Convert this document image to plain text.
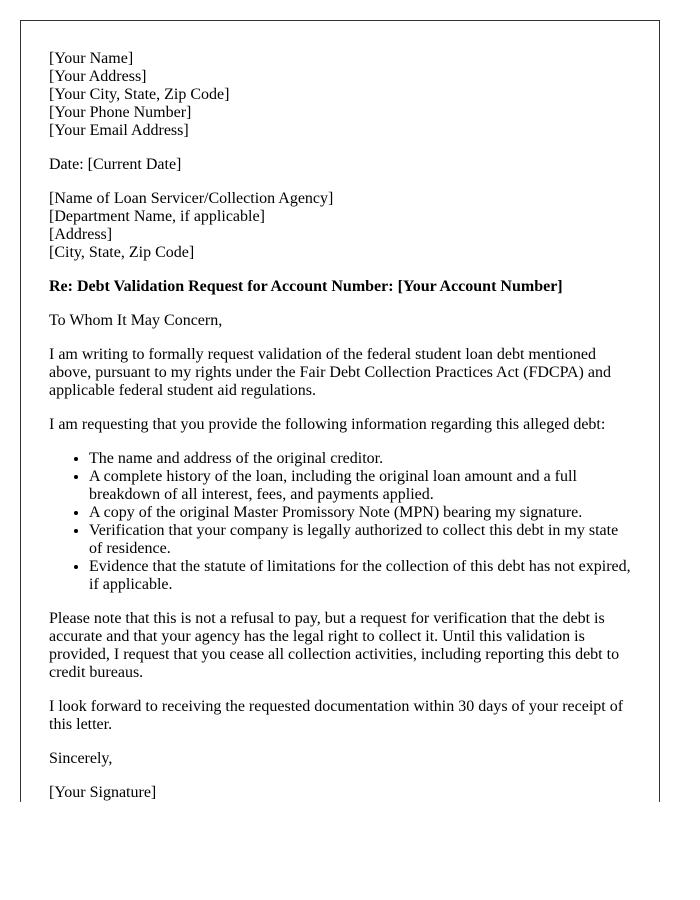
[Your Name]
[Your Address]
[Your City, State, Zip Code]
[Your Phone Number]
[Your Email Address]

Date: [Current Date]

[Name of Loan Servicer/Collection Agency]
[Department Name, if applicable]
[Address]
[City, State, Zip Code]

Re: Debt Validation Request for Account Number: [Your Account Number]

To Whom It May Concern,

I am writing to formally request validation of the federal student loan debt mentioned above, pursuant to my rights under the Fair Debt Collection Practices Act (FDCPA) and applicable federal student aid regulations.

I am requesting that you provide the following information regarding this alleged debt:

• The name and address of the original creditor.
• A complete history of the loan, including the original loan amount and a full breakdown of all interest, fees, and payments applied.
• A copy of the original Master Promissory Note (MPN) bearing my signature.
• Verification that your company is legally authorized to collect this debt in my state of residence.
• Evidence that the statute of limitations for the collection of this debt has not expired, if applicable.

Please note that this is not a refusal to pay, but a request for verification that the debt is accurate and that your agency has the legal right to collect it. Until this validation is provided, I request that you cease all collection activities, including reporting this debt to credit bureaus.

I look forward to receiving the requested documentation within 30 days of your receipt of this letter.

Sincerely,

[Your Signature]
